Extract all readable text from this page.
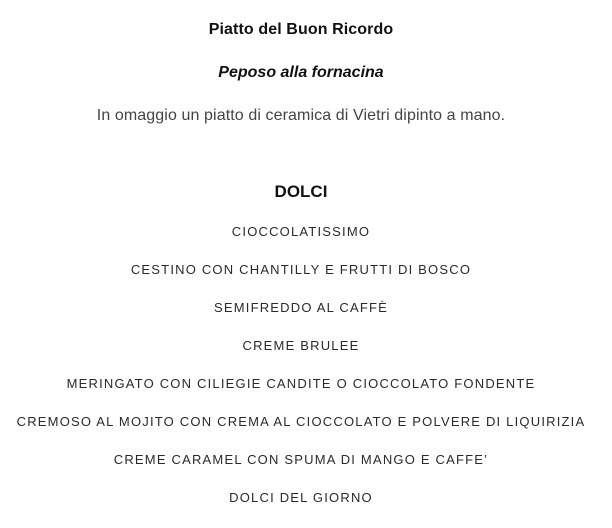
Piatto del Buon Ricordo
Peposo alla fornacina
In omaggio un piatto di ceramica di Vietri dipinto a mano.
DOLCI
CIOCCOLATISSIMO
CESTINO CON CHANTILLY E FRUTTI DI BOSCO
SEMIFREDDO AL CAFFÈ
CREME BRULEE
MERINGATO CON CILIEGIE CANDITE O CIOCCOLATO FONDENTE
CREMOSO AL MOJITO CON CREMA AL CIOCCOLATO E POLVERE DI LIQUIRIZIA
CREME CARAMEL CON SPUMA DI MANGO E CAFFE’
DOLCI DEL GIORNO
